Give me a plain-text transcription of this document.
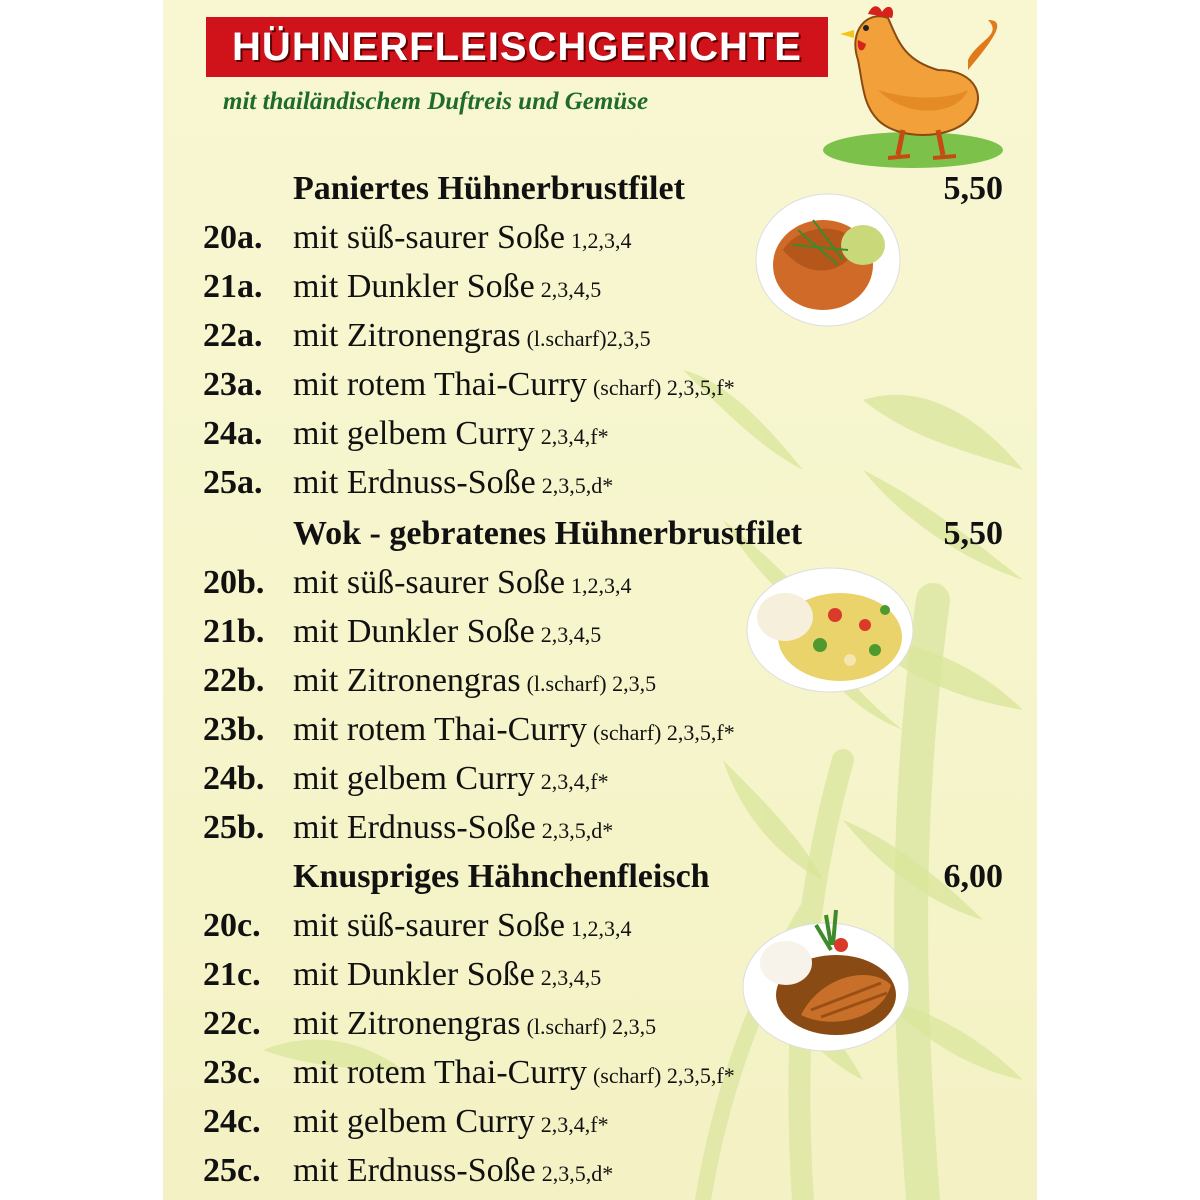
HÜHNERFLEISCHGERICHTE
mit thailändischem Duftreis und Gemüse
Paniertes Hühnerbrustfilet	5,50
20a. mit süß-saurer Soße 1,2,3,4
21a. mit Dunkler Soße 2,3,4,5
22a. mit Zitronengras (l.scharf)2,3,5
23a. mit rotem Thai-Curry (scharf) 2,3,5,f*
24a. mit gelbem Curry 2,3,4,f*
25a. mit Erdnuss-Soße 2,3,5,d*
Wok - gebratenes Hühnerbrustfilet	5,50
20b. mit süß-saurer Soße 1,2,3,4
21b. mit Dunkler Soße 2,3,4,5
22b. mit Zitronengras (l.scharf) 2,3,5
23b. mit rotem Thai-Curry (scharf) 2,3,5,f*
24b. mit gelbem Curry 2,3,4,f*
25b. mit Erdnuss-Soße 2,3,5,d*
Knuspriges Hähnchenfleisch	6,00
20c. mit süß-saurer Soße 1,2,3,4
21c. mit Dunkler Soße 2,3,4,5
22c. mit Zitronengras (l.scharf) 2,3,5
23c. mit rotem Thai-Curry (scharf) 2,3,5,f*
24c. mit gelbem Curry 2,3,4,f*
25c. mit Erdnuss-Soße 2,3,5,d*
